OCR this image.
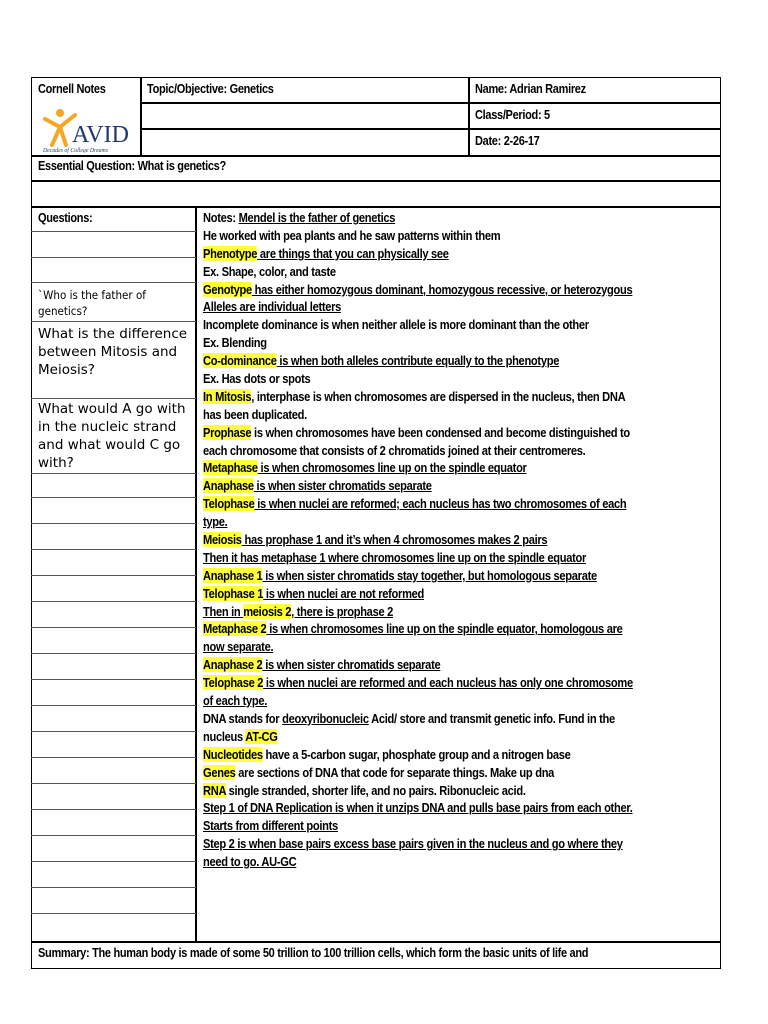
Cornell Notes	Topic/Objective: Genetics	Name: Adrian Ramirez
Class/Period: 5
Date: 2-26-17
AVID
Decades of College Dreams
Essential Question: What is genetics?
Questions:
`Who is the father of genetics?
What is the difference between Mitosis and Meiosis?
What would A go with in the nucleic strand and what would C go with?
Notes: Mendel is the father of genetics
He worked with pea plants and he saw patterns within them
Phenotype are things that you can physically see
Ex. Shape, color, and taste
Genotype has either homozygous dominant, homozygous recessive, or heterozygous
Alleles are individual letters
Incomplete dominance is when neither allele is more dominant than the other
Ex. Blending
Co-dominance is when both alleles contribute equally to the phenotype
Ex. Has dots or spots
In Mitosis, interphase is when chromosomes are dispersed in the nucleus, then DNA
has been duplicated.
Prophase is when chromosomes have been condensed and become distinguished to
each chromosome that consists of 2 chromatids joined at their centromeres.
Metaphase is when chromosomes line up on the spindle equator
Anaphase is when sister chromatids separate
Telophase is when nuclei are reformed; each nucleus has two chromosomes of each
type.
Meiosis has prophase 1 and it’s when 4 chromosomes makes 2 pairs
Then it has metaphase 1 where chromosomes line up on the spindle equator
Anaphase 1 is when sister chromatids stay together, but homologous separate
Telophase 1 is when nuclei are not reformed
Then in meiosis 2, there is prophase 2
Metaphase 2 is when chromosomes line up on the spindle equator, homologous are
now separate.
Anaphase 2 is when sister chromatids separate
Telophase 2 is when nuclei are reformed and each nucleus has only one chromosome
of each type.
DNA stands for deoxyribonucleic Acid/ store and transmit genetic info. Fund in the
nucleus AT-CG
Nucleotides have a 5-carbon sugar, phosphate group and a nitrogen base
Genes are sections of DNA that code for separate things. Make up dna
RNA single stranded, shorter life, and no pairs. Ribonucleic acid.
Step 1 of DNA Replication is when it unzips DNA and pulls base pairs from each other.
Starts from different points
Step 2 is when base pairs excess base pairs given in the nucleus and go where they
need to go. AU-GC
Summary: The human body is made of some 50 trillion to 100 trillion cells, which form the basic units of life and
